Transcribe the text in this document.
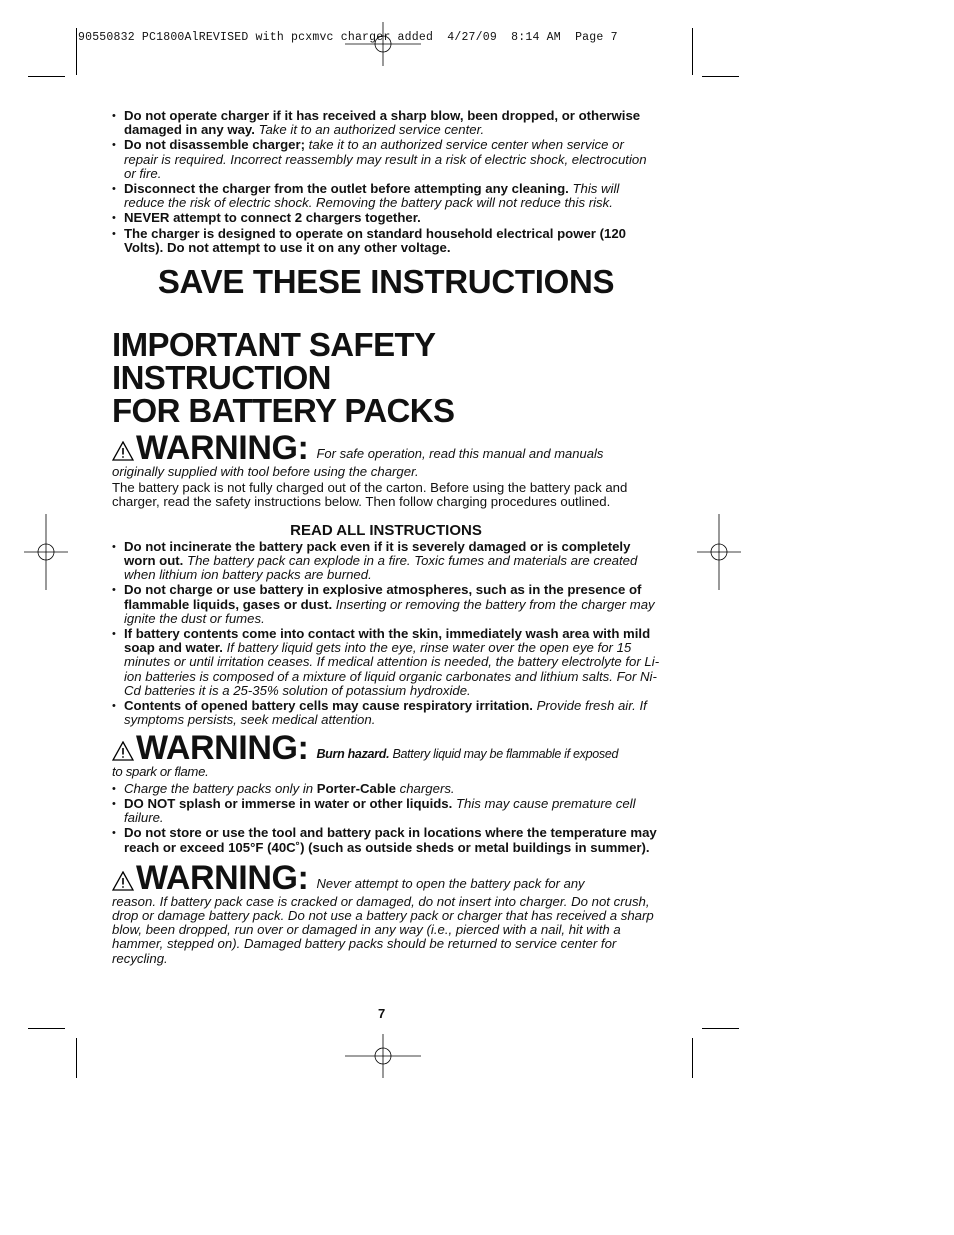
90550832 PC1800AlREVISED with pcxmvc charger added  4/27/09  8:14 AM  Page 7
• Do not operate charger if it has received a sharp blow, been dropped, or otherwise damaged in any way. Take it to an authorized service center.
• Do not disassemble charger; take it to an authorized service center when service or repair is required. Incorrect reassembly may result in a risk of electric shock, electrocution or fire.
• Disconnect the charger from the outlet before attempting any cleaning. This will reduce the risk of electric shock. Removing the battery pack will not reduce this risk.
• NEVER attempt to connect 2 chargers together.
• The charger is designed to operate on standard household electrical power (120 Volts). Do not attempt to use it on any other voltage.
SAVE THESE INSTRUCTIONS
IMPORTANT SAFETY INSTRUCTION
FOR BATTERY PACKS
WARNING: For safe operation, read this manual and manuals

originally supplied with tool before using the charger.

The battery pack is not fully charged out of the carton. Before using the battery pack and charger, read the safety instructions below. Then follow charging procedures outlined.

READ ALL INSTRUCTIONS
• Do not incinerate the battery pack even if it is severely damaged or is completely worn out. The battery pack can explode in a fire. Toxic fumes and materials are created when lithium ion battery packs are burned.
• Do not charge or use battery in explosive atmospheres, such as in the presence of flammable liquids, gases or dust. Inserting or removing the battery from the charger may ignite the dust or fumes.
• If battery contents come into contact with the skin, immediately wash area with mild soap and water. If battery liquid gets into the eye, rinse water over the open eye for 15 minutes or until irritation ceases. If medical attention is needed, the battery electrolyte for Li-ion batteries is composed of a mixture of liquid organic carbonates and lithium salts. For Ni-Cd batteries it is a 25-35% solution of potassium hydroxide.
• Contents of opened battery cells may cause respiratory irritation. Provide fresh air. If symptoms persists, seek medical attention.
WARNING: Burn hazard. Battery liquid may be flammable if exposed

to spark or flame.

• Charge the battery packs only in Porter-Cable chargers.
• DO NOT splash or immerse in water or other liquids. This may cause premature cell failure.
• Do not store or use the tool and battery pack in locations where the temperature may reach or exceed 105°F (40C˚) (such as outside sheds or metal buildings in summer).
WARNING: Never attempt to open the battery pack for any

reason. If battery pack case is cracked or damaged, do not insert into charger. Do not crush, drop or damage battery pack. Do not use a battery pack or charger that has received a sharp blow, been dropped, run over or damaged in any way (i.e., pierced with a nail, hit with a hammer, stepped on). Damaged battery packs should be returned to service center for recycling.

7
